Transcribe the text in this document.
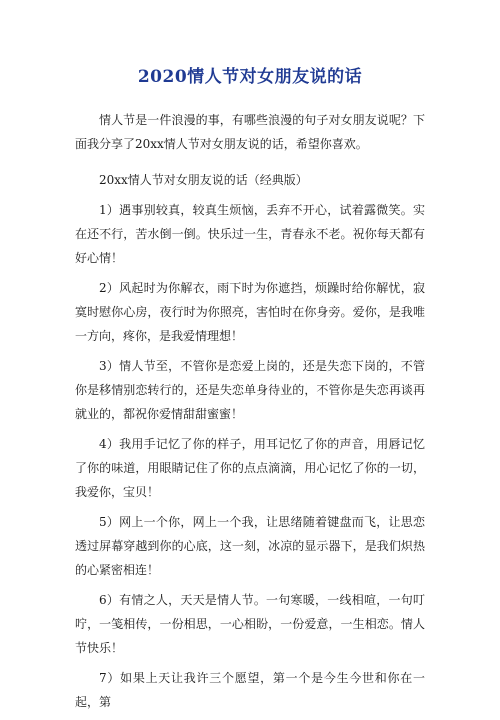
2020情人节对女朋友说的话

情人节是一件浪漫的事，有哪些浪漫的句子对女朋友说呢？下面我分享了20xx情人节对女朋友说的话，希望你喜欢。

20xx情人节对女朋友说的话（经典版）

1）遇事别较真，较真生烦恼，丢弃不开心，试着露微笑。实在还不行，苦水倒一倒。快乐过一生，青春永不老。祝你每天都有好心情！

2）风起时为你解衣，雨下时为你遮挡，烦躁时给你解忧，寂寞时慰你心房，夜行时为你照亮，害怕时在你身旁。爱你，是我唯一方向，疼你，是我爱情理想！

3）情人节至，不管你是恋爱上岗的，还是失恋下岗的，不管你是移情别恋转行的，还是失恋单身待业的，不管你是失恋再谈再就业的，都祝你爱情甜甜蜜蜜！

4）我用手记忆了你的样子，用耳记忆了你的声音，用唇记忆了你的味道，用眼睛记住了你的点点滴滴，用心记忆了你的一切，我爱你，宝贝！

5）网上一个你，网上一个我，让思绪随着键盘而飞，让思恋透过屏幕穿越到你的心底，这一刻，冰凉的显示器下，是我们炽热的心紧密相连！

6）有情之人，天天是情人节。一句寒暖，一线相喧，一句叮咛，一笺相传，一份相思，一心相盼，一份爱意，一生相恋。情人节快乐！

7）如果上天让我许三个愿望，第一个是今生今世和你在一起，第
